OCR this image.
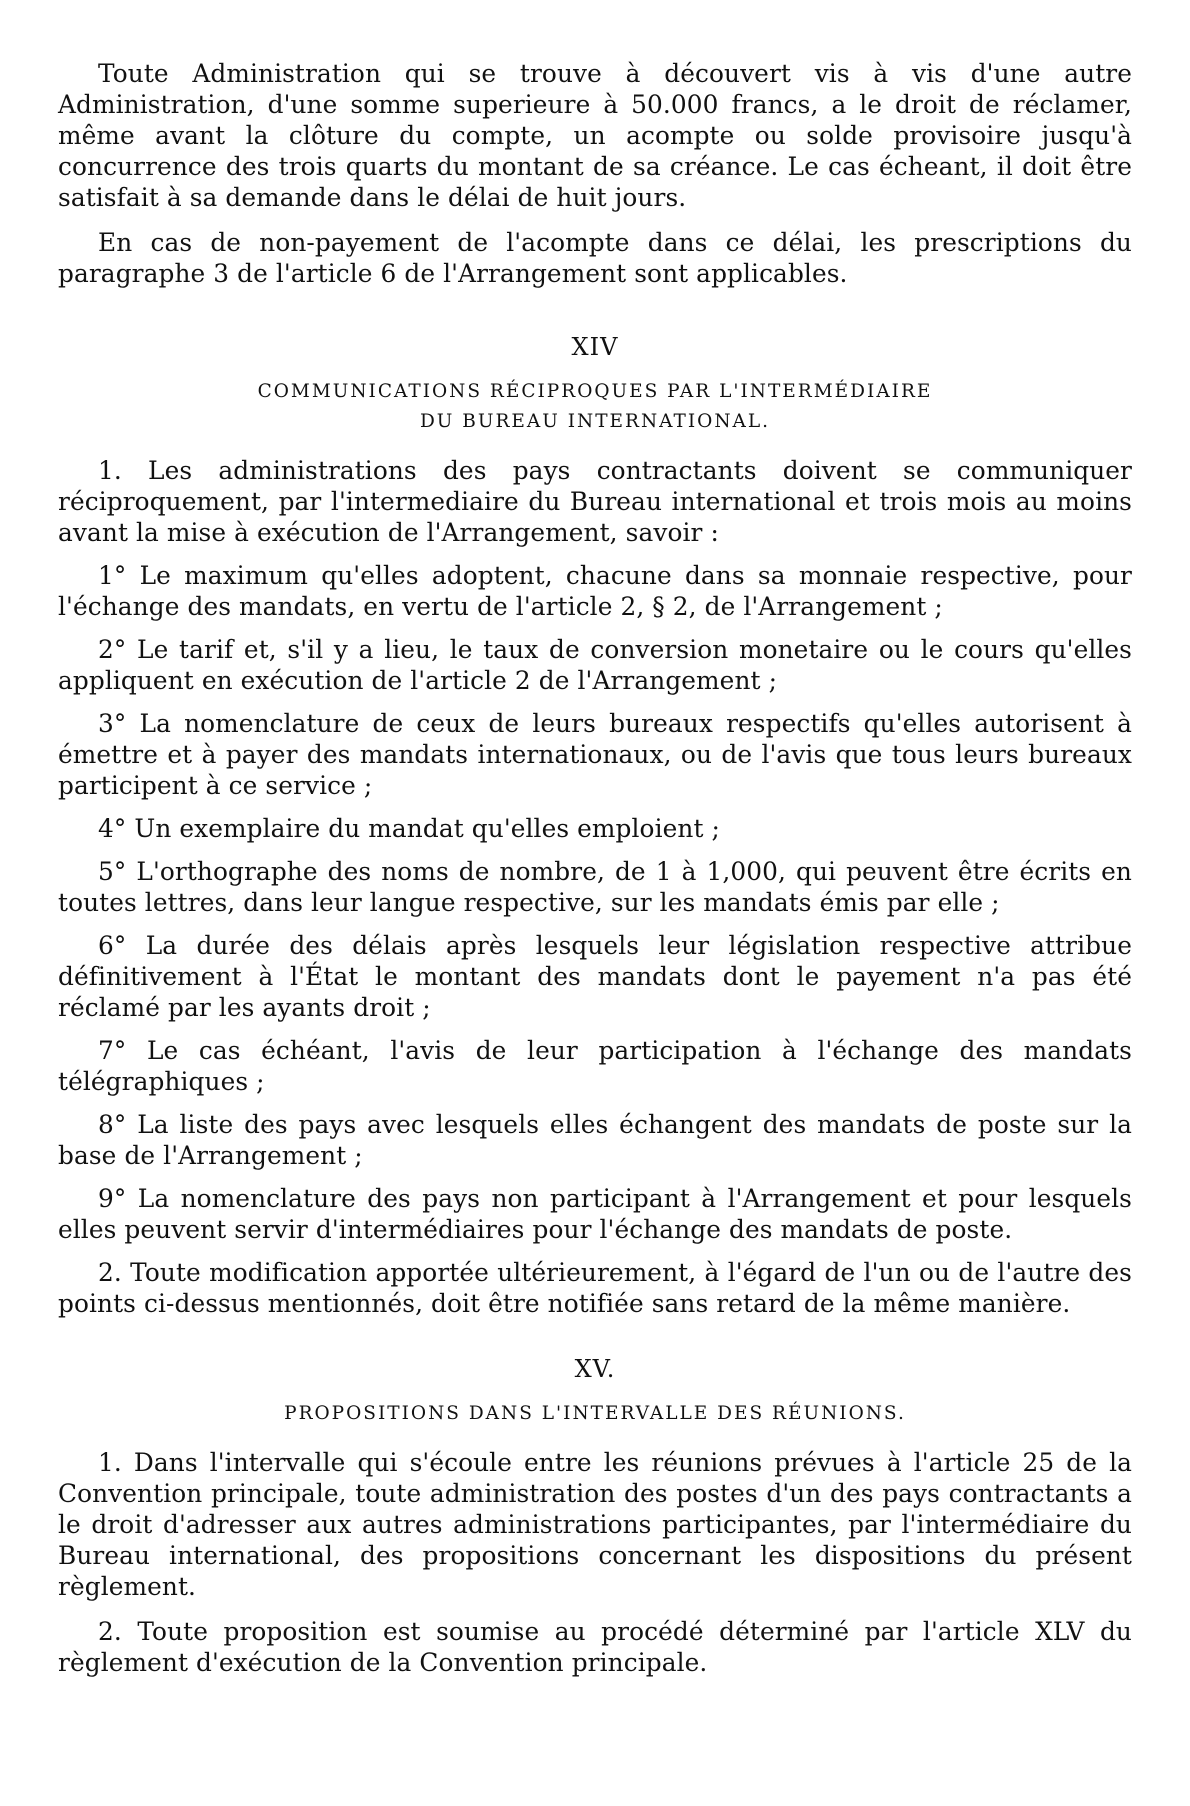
Toute Administration qui se trouve à découvert vis à vis d'une autre Administration, d'une somme superieure à 50.000 francs, a le droit de réclamer, même avant la clôture du compte, un acompte ou solde provisoire jusqu'à concurrence des trois quarts du montant de sa créance. Le cas écheant, il doit être satisfait à sa demande dans le délai de huit jours.

En cas de non-payement de l'acompte dans ce délai, les prescriptions du paragraphe 3 de l'article 6 de l'Arrangement sont applicables.

XIV
COMMUNICATIONS RÉCIPROQUES PAR L'INTERMÉDIAIRE
DU BUREAU INTERNATIONAL.

1. Les administrations des pays contractants doivent se communiquer réciproquement, par l'intermediaire du Bureau international et trois mois au moins avant la mise à exécution de l'Arrangement, savoir :

1° Le maximum qu'elles adoptent, chacune dans sa monnaie respective, pour l'échange des mandats, en vertu de l'article 2, § 2, de l'Arrangement ;

2° Le tarif et, s'il y a lieu, le taux de conversion monetaire ou le cours qu'elles appliquent en exécution de l'article 2 de l'Arrangement ;

3° La nomenclature de ceux de leurs bureaux respectifs qu'elles autorisent à émettre et à payer des mandats internationaux, ou de l'avis que tous leurs bureaux participent à ce service ;

4° Un exemplaire du mandat qu'elles emploient ;

5° L'orthographe des noms de nombre, de 1 à 1,000, qui peuvent être écrits en toutes lettres, dans leur langue respective, sur les mandats émis par elle ;

6° La durée des délais après lesquels leur législation respective attribue définitivement à l'État le montant des mandats dont le payement n'a pas été réclamé par les ayants droit ;

7° Le cas échéant, l'avis de leur participation à l'échange des mandats télégraphiques ;

8° La liste des pays avec lesquels elles échangent des mandats de poste sur la base de l'Arrangement ;

9° La nomenclature des pays non participant à l'Arrangement et pour lesquels elles peuvent servir d'intermédiaires pour l'échange des mandats de poste.

2. Toute modification apportée ultérieurement, à l'égard de l'un ou de l'autre des points ci-dessus mentionnés, doit être notifiée sans retard de la même manière.

XV.
PROPOSITIONS DANS L'INTERVALLE DES RÉUNIONS.

1. Dans l'intervalle qui s'écoule entre les réunions prévues à l'article 25 de la Convention principale, toute administration des postes d'un des pays contractants a le droit d'adresser aux autres administrations participantes, par l'intermédiaire du Bureau international, des propositions concernant les dispositions du présent règlement.

2. Toute proposition est soumise au procédé déterminé par l'article XLV du règlement d'exécution de la Convention principale.
